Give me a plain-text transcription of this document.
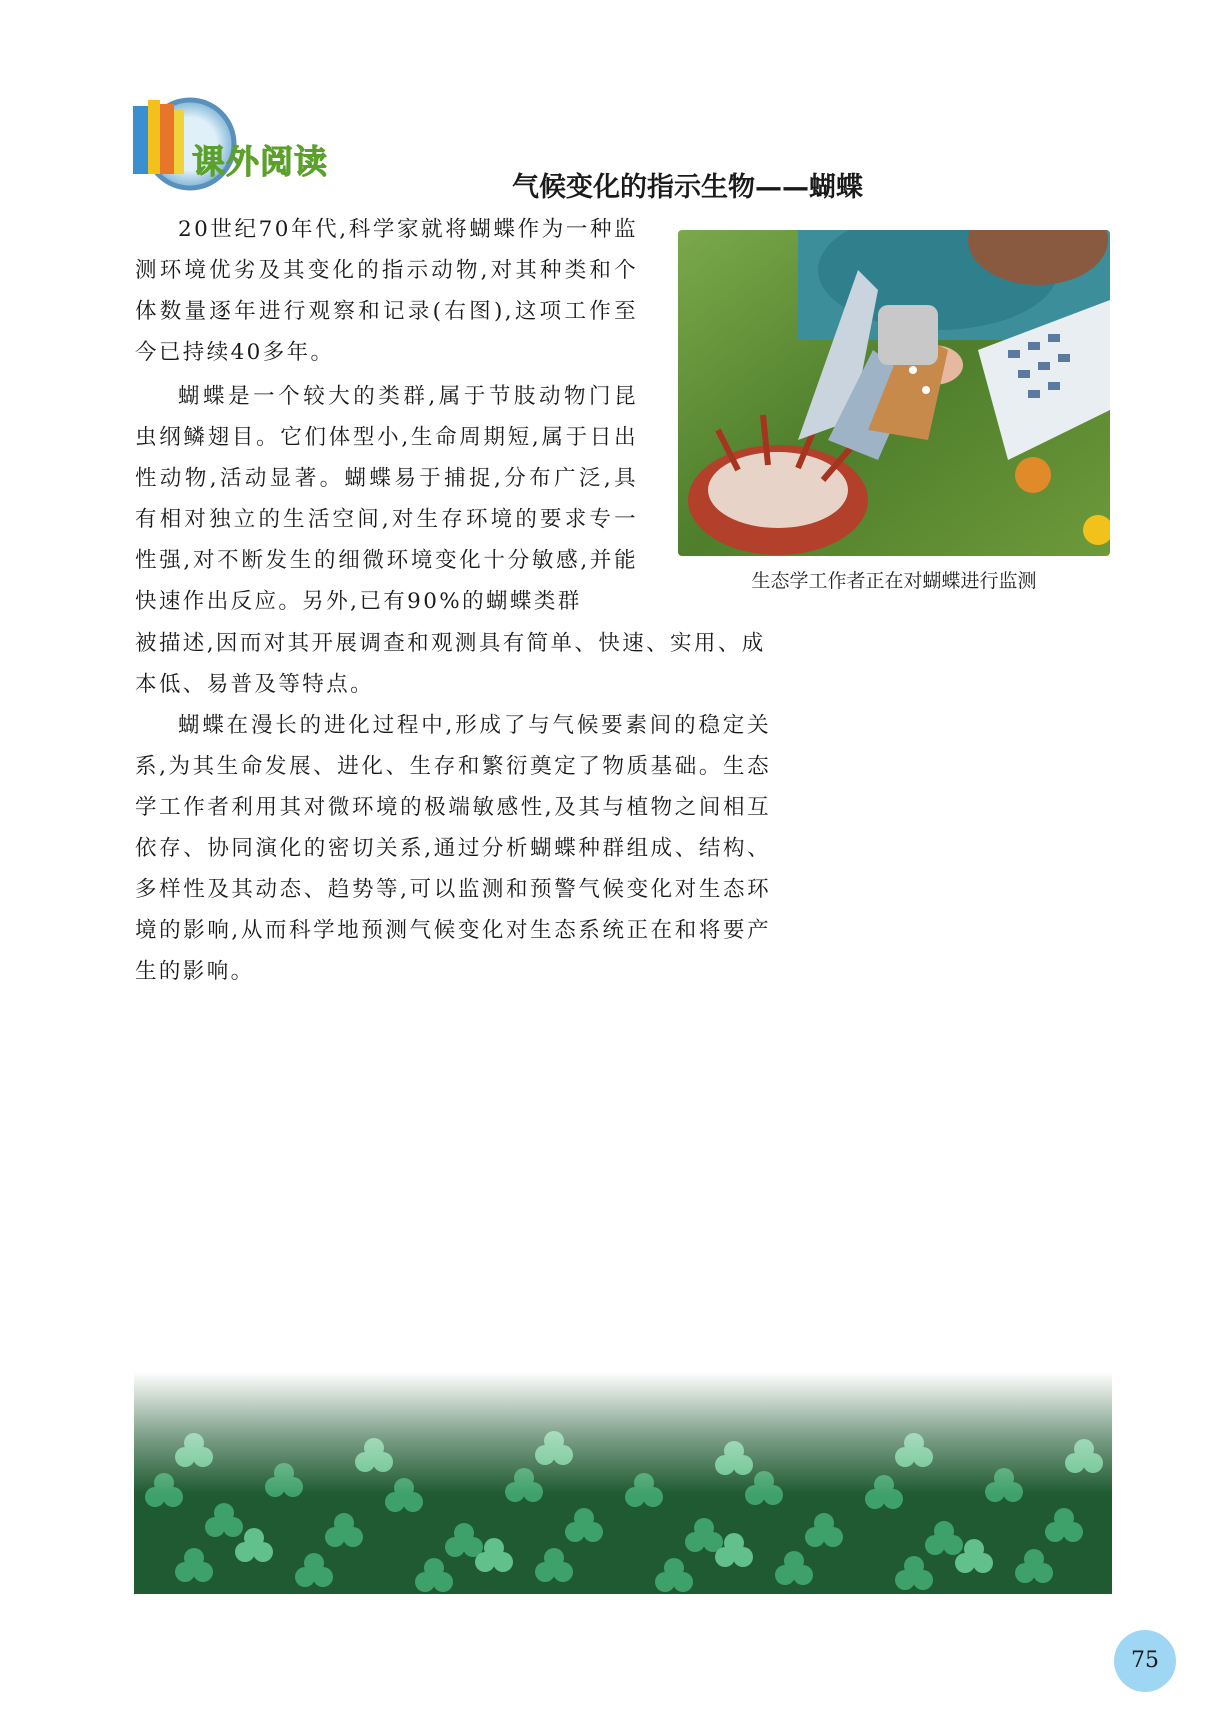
课外阅读
气候变化的指示生物——蝴蝶

20世纪70年代,科学家就将蝴蝶作为一种监测环境优劣及其变化的指示动物,对其种类和个体数量逐年进行观察和记录(右图),这项工作至今已持续40多年。

蝴蝶是一个较大的类群,属于节肢动物门昆虫纲鳞翅目。它们体型小,生命周期短,属于日出性动物,活动显著。蝴蝶易于捕捉,分布广泛,具有相对独立的生活空间,对生存环境的要求专一性强,对不断发生的细微环境变化十分敏感,并能快速作出反应。另外,已有90%的蝴蝶类群

被描述,因而对其开展调查和观测具有简单、快速、实用、成本低、易普及等特点。

蝴蝶在漫长的进化过程中,形成了与气候要素间的稳定关系,为其生命发展、进化、生存和繁衍奠定了物质基础。生态学工作者利用其对微环境的极端敏感性,及其与植物之间相互依存、协同演化的密切关系,通过分析蝴蝶种群组成、结构、多样性及其动态、趋势等,可以监测和预警气候变化对生态环境的影响,从而科学地预测气候变化对生态系统正在和将要产生的影响。

生态学工作者正在对蝴蝶进行监测
75
